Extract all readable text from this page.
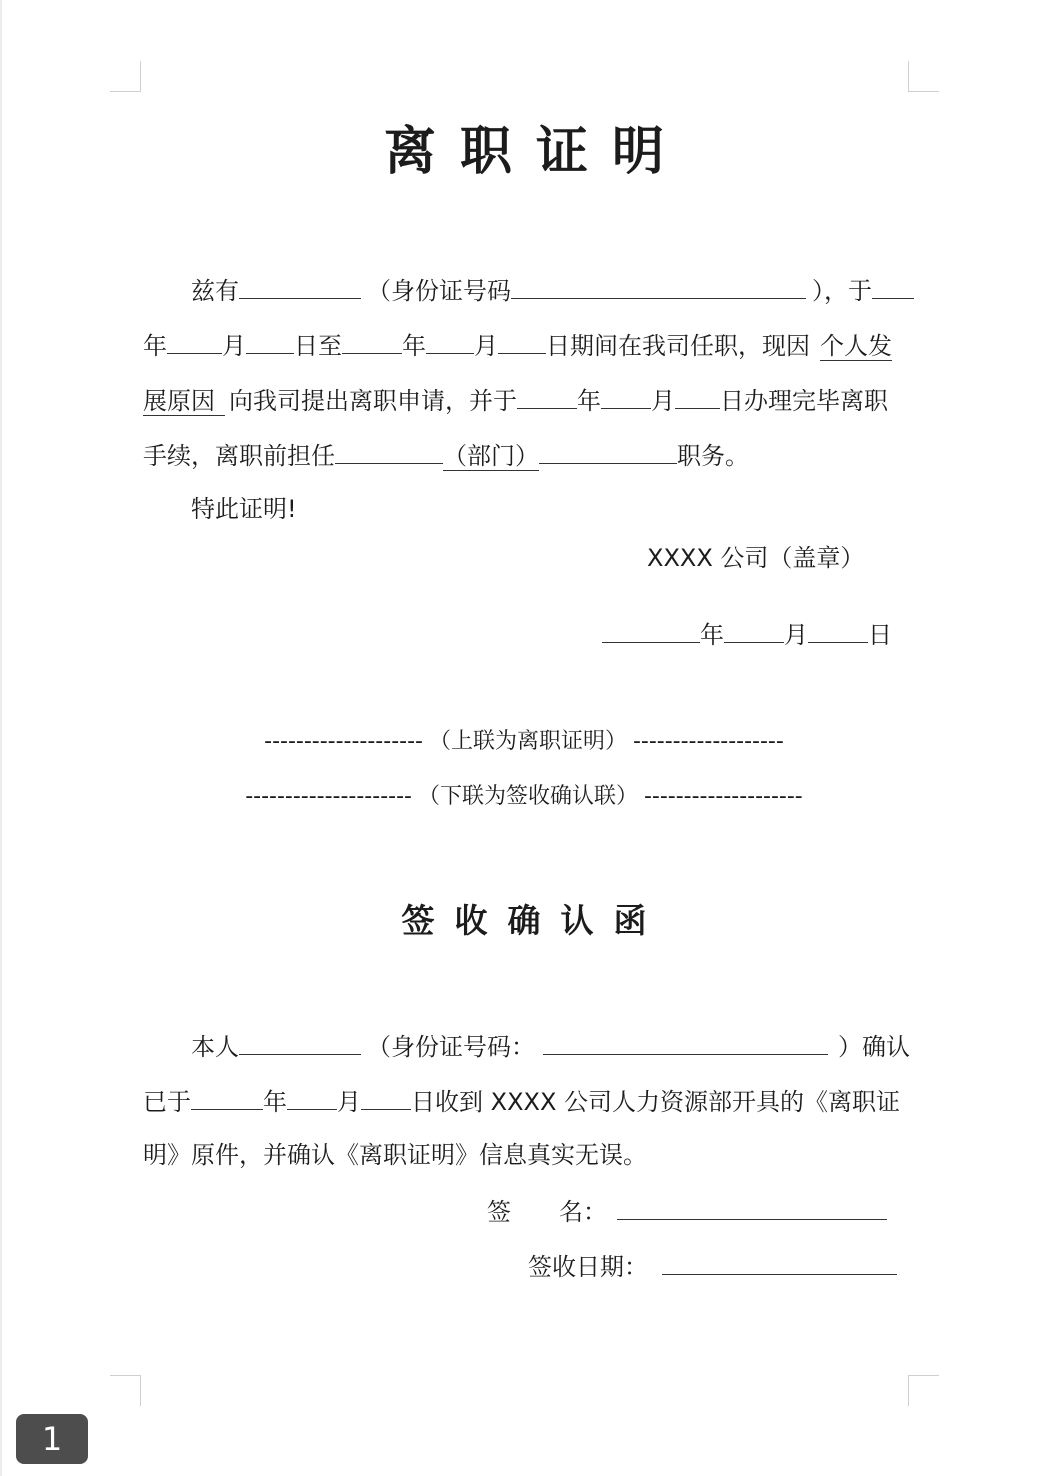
离职证明
兹有	（身份证号码	），于
年 月 日至	年 月 日期间在我司任职，现因 个人发
展原因 向我司提出离职申请，并于	年 月 日办理完毕离职
手续，离职前担任	（部门）	职务。
特此证明!
XXXX 公司（盖章）
年	月	日
-------------------- （上联为离职证明） -------------------
--------------------- （下联为签收确认联） --------------------
签收确认函
本人	（身份证号码：	）确认
已于	年 月 日收到 XXXX 公司人力资源部开具的《离职证
明》原件，并确认《离职证明》信息真实无误。
签　　名：
签收日期：
1
